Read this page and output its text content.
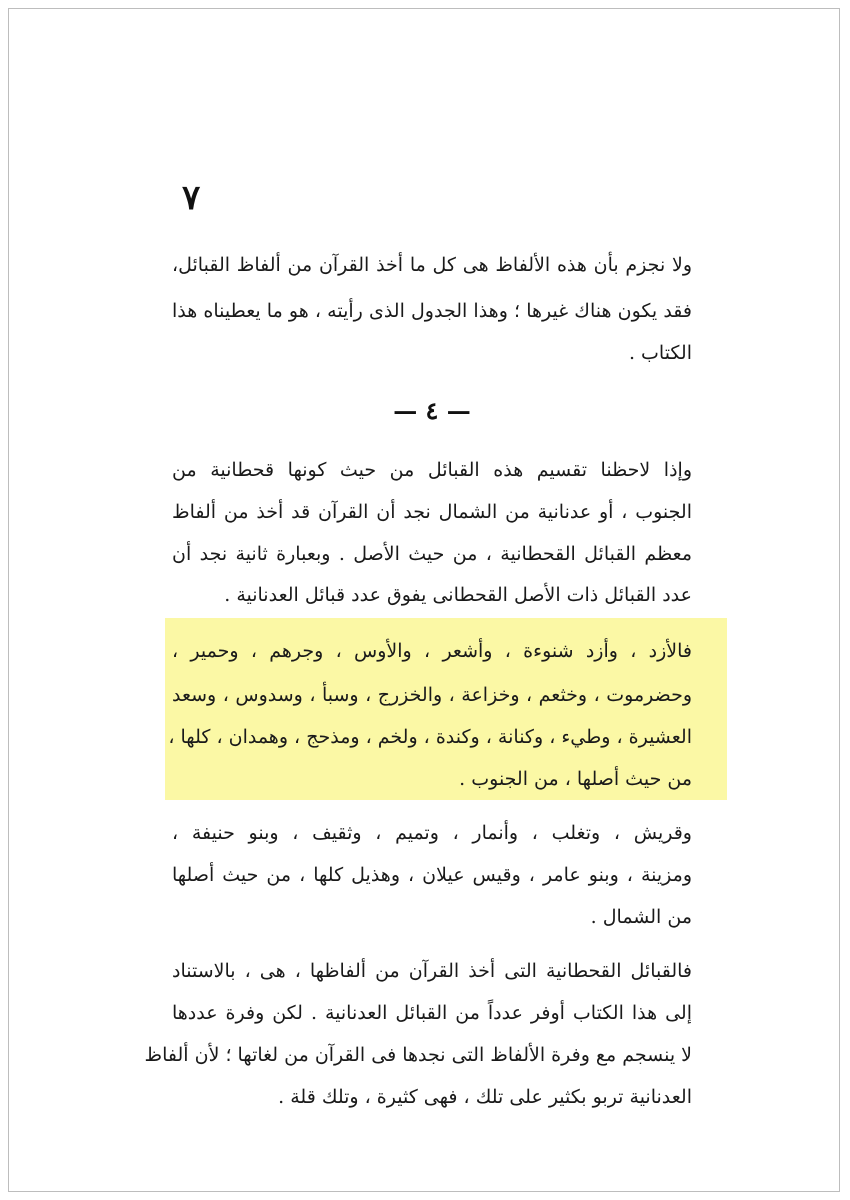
٧
ولا نجزم بأن هذه الألفاظ هى كل ما أخذ القرآن من ألفاظ القبائل،
فقد يكون هناك غيرها ؛ وهذا الجدول الذى رأيته ، هو ما يعطيناه هذا
الكتاب .
— ٤ —
وإذا لاحظنا تقسيم هذه القبائل من حيث كونها قحطانية من
الجنوب ، أو عدنانية من الشمال نجد أن القرآن قد أخذ من ألفاظ
معظم القبائل القحطانية ، من حيث الأصل . وبعبارة ثانية نجد أن
عدد القبائل ذات الأصل القحطانى يفوق عدد قبائل العدنانية .
فالأزد ، وأزد شنوءة ، وأشعر ، والأوس ، وجرهم ، وحمير ،
وحضرموت ، وخثعم ، وخزاعة ، والخزرج ، وسبأ ، وسدوس ، وسعد
العشيرة ، وطيء ، وكنانة ، وكندة ، ولخم ، ومذحج ، وهمدان ، كلها ،
من حيث أصلها ، من الجنوب .
وقريش ، وتغلب ، وأنمار ، وتميم ، وثقيف ، وبنو حنيفة ،
ومزينة ، وبنو عامر ، وقيس عيلان ، وهذيل كلها ، من حيث أصلها
من الشمال .
فالقبائل القحطانية التى أخذ القرآن من ألفاظها ، هى ، بالاستناد
إلى هذا الكتاب أوفر عدداً من القبائل العدنانية . لكن وفرة عددها
لا ينسجم مع وفرة الألفاظ التى نجدها فى القرآن من لغاتها ؛ لأن ألفاظ
العدنانية تربو بكثير على تلك ، فهى كثيرة ، وتلك قلة .
